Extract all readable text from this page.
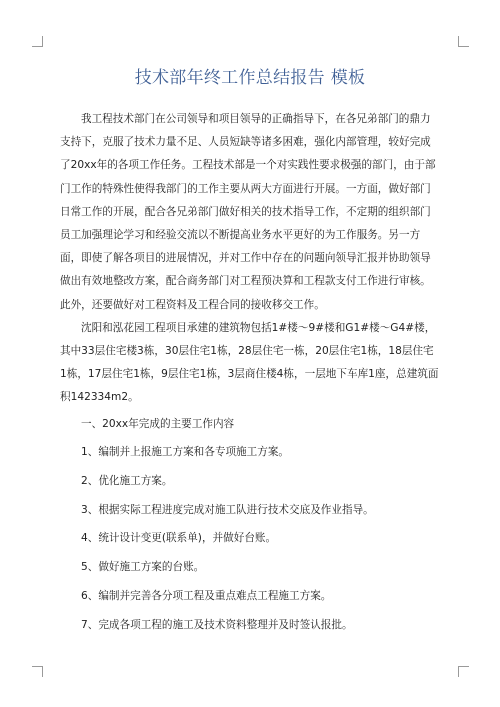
技术部年终工作总结报告 模板

我工程技术部门在公司领导和项目领导的正确指导下，在各兄弟部门的鼎力支持下，克服了技术力量不足、人员短缺等诸多困难，强化内部管理，较好完成了20xx年的各项工作任务。工程技术部是一个对实践性要求极强的部门，由于部门工作的特殊性使得我部门的工作主要从两大方面进行开展。一方面，做好部门日常工作的开展，配合各兄弟部门做好相关的技术指导工作，不定期的组织部门员工加强理论学习和经验交流以不断提高业务水平更好的为工作服务。另一方面，即使了解各项目的进展情况，并对工作中存在的问题向领导汇报并协助领导做出有效地整改方案，配合商务部门对工程预决算和工程款支付工作进行审核。此外，还要做好对工程资料及工程合同的接收移交工作。

沈阳和泓花园工程项目承建的建筑物包括1#楼～9#楼和G1#楼～G4#楼，其中33层住宅楼3栋，30层住宅1栋，28层住宅一栋，20层住宅1栋，18层住宅1栋，17层住宅1栋，9层住宅1栋，3层商住楼4栋，一层地下车库1座，总建筑面积142334m2。

一、20xx年完成的主要工作内容

1、编制并上报施工方案和各专项施工方案。

2、优化施工方案。

3、根据实际工程进度完成对施工队进行技术交底及作业指导。

4、统计设计变更(联系单)，并做好台账。

5、做好施工方案的台账。

6、编制并完善各分项工程及重点难点工程施工方案。

7、完成各项工程的施工及技术资料整理并及时签认报批。
